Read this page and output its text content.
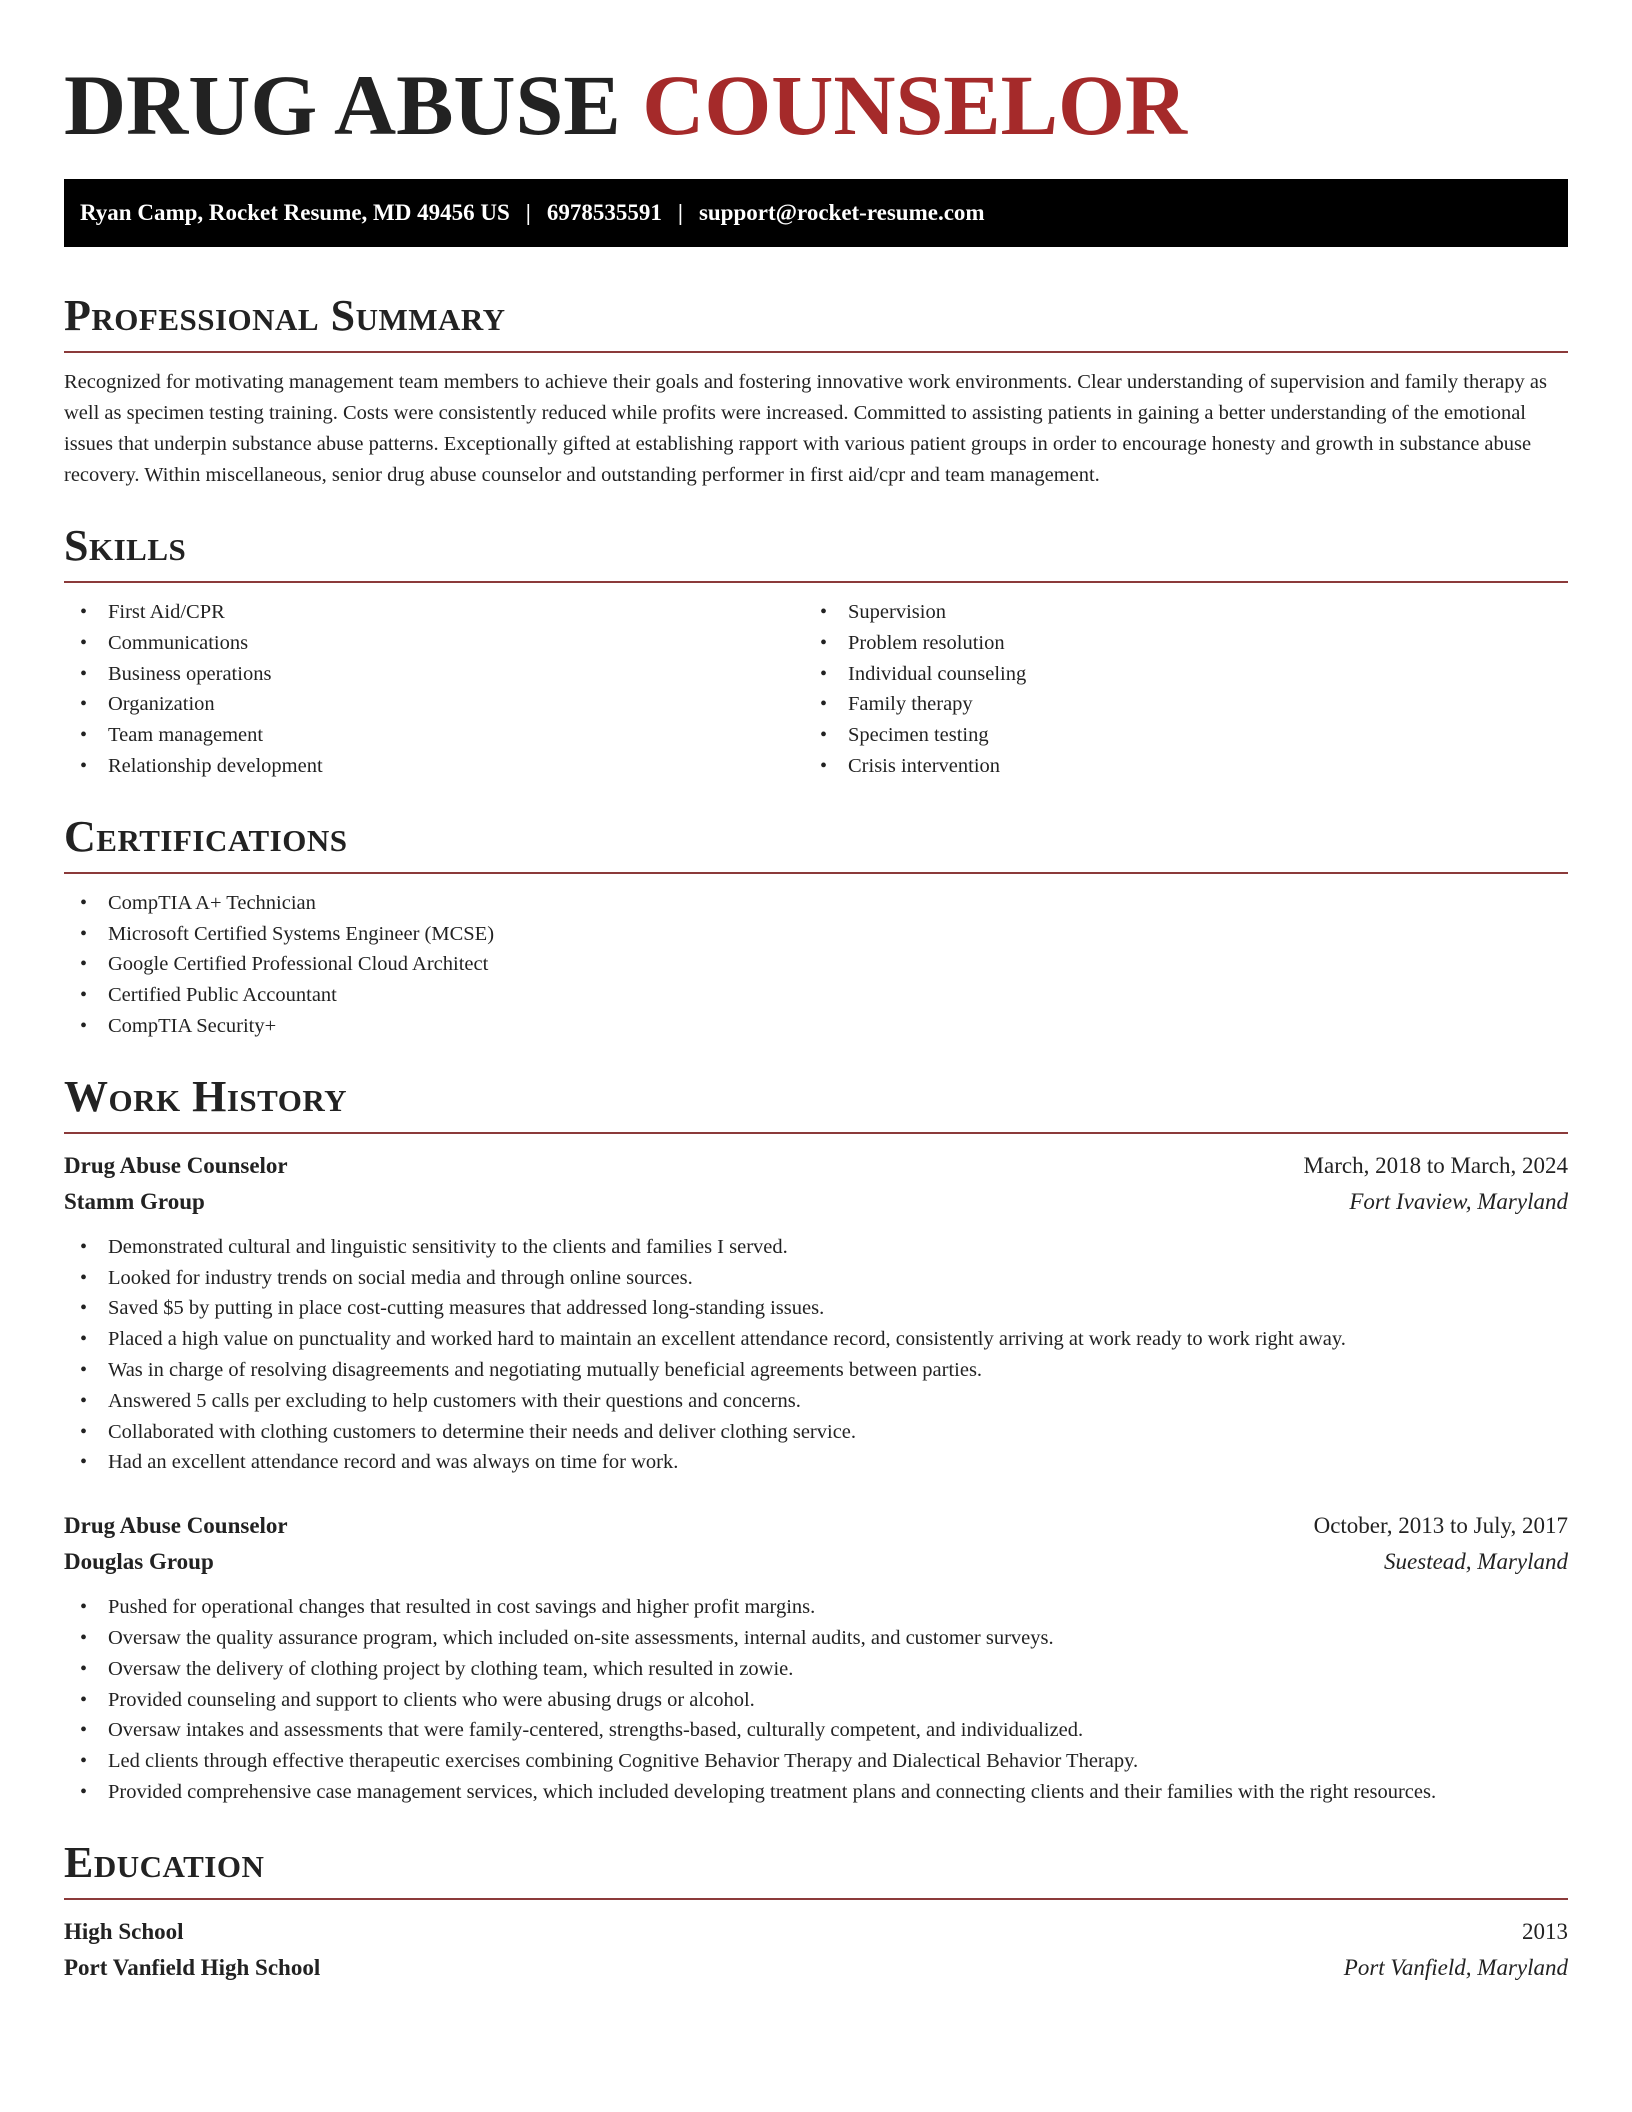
DRUG ABUSE COUNSELOR
Ryan Camp, Rocket Resume, MD 49456 US | 6978535591 | support@rocket-resume.com
Professional Summary

Recognized for motivating management team members to achieve their goals and fostering innovative work environments. Clear understanding of supervision and family therapy as well as specimen testing training. Costs were consistently reduced while profits were increased. Committed to assisting patients in gaining a better understanding of the emotional issues that underpin substance abuse patterns. Exceptionally gifted at establishing rapport with various patient groups in order to encourage honesty and growth in substance abuse recovery. Within miscellaneous, senior drug abuse counselor and outstanding performer in first aid/cpr and team management.

Skills
• First Aid/CPR
• Communications
• Business operations
• Organization
• Team management
• Relationship development
• Supervision
• Problem resolution
• Individual counseling
• Family therapy
• Specimen testing
• Crisis intervention
Certifications
• CompTIA A+ Technician
• Microsoft Certified Systems Engineer (MCSE)
• Google Certified Professional Cloud Architect
• Certified Public Accountant
• CompTIA Security+
Work History
Drug Abuse Counselor	March, 2018 to March, 2024
Stamm Group	Fort Ivaview, Maryland
• Demonstrated cultural and linguistic sensitivity to the clients and families I served.
• Looked for industry trends on social media and through online sources.
• Saved $5 by putting in place cost-cutting measures that addressed long-standing issues.
• Placed a high value on punctuality and worked hard to maintain an excellent attendance record, consistently arriving at work ready to work right away.
• Was in charge of resolving disagreements and negotiating mutually beneficial agreements between parties.
• Answered 5 calls per excluding to help customers with their questions and concerns.
• Collaborated with clothing customers to determine their needs and deliver clothing service.
• Had an excellent attendance record and was always on time for work.
Drug Abuse Counselor	October, 2013 to July, 2017
Douglas Group	Suestead, Maryland
• Pushed for operational changes that resulted in cost savings and higher profit margins.
• Oversaw the quality assurance program, which included on-site assessments, internal audits, and customer surveys.
• Oversaw the delivery of clothing project by clothing team, which resulted in zowie.
• Provided counseling and support to clients who were abusing drugs or alcohol.
• Oversaw intakes and assessments that were family-centered, strengths-based, culturally competent, and individualized.
• Led clients through effective therapeutic exercises combining Cognitive Behavior Therapy and Dialectical Behavior Therapy.
• Provided comprehensive case management services, which included developing treatment plans and connecting clients and their families with the right resources.
Education
High School	2013
Port Vanfield High School	Port Vanfield, Maryland
